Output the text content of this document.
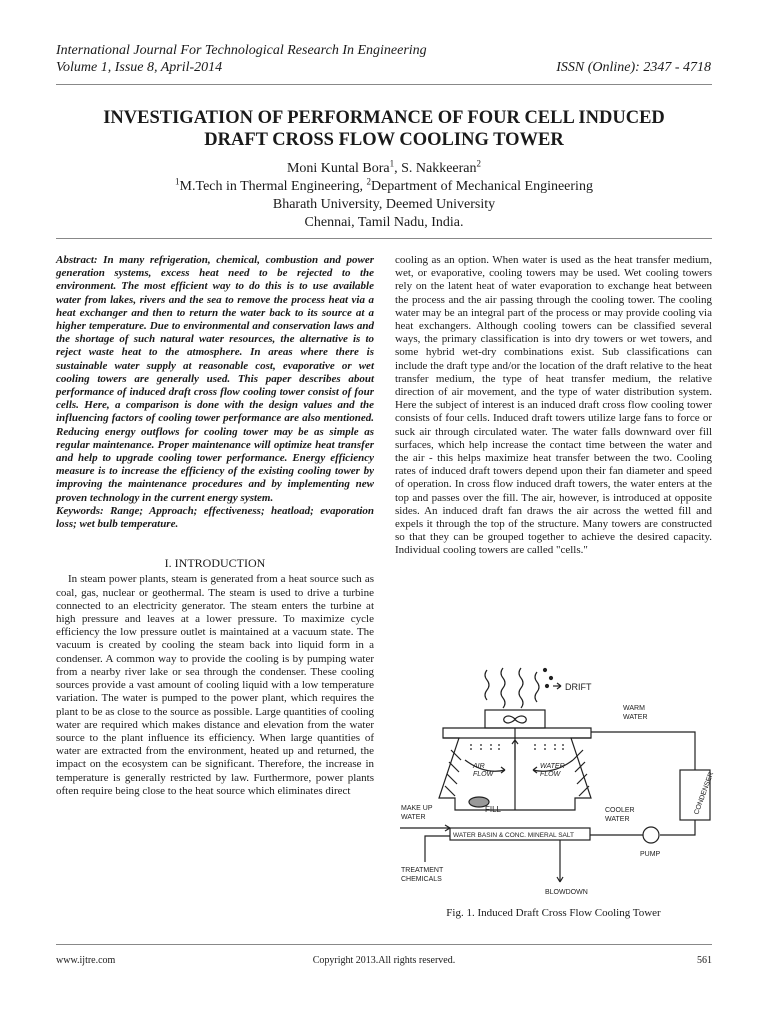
International Journal For Technological Research In Engineering
Volume 1, Issue 8, April-2014	ISSN (Online): 2347 - 4718
INVESTIGATION OF PERFORMANCE OF FOUR CELL INDUCED
DRAFT CROSS FLOW COOLING TOWER
Moni Kuntal Bora$^1$, S. Nakkeeran$^2$
$^1$M.Tech in Thermal Engineering, $^2$Department of Mechanical Engineering
Bharath University, Deemed University
Chennai, Tamil Nadu, India.

Abstract: In many refrigeration, chemical, combustion and power generation systems, excess heat need to be rejected to the environment. The most efficient way to do this is to use available water from lakes, rivers and the sea to remove the process heat via a heat exchanger and then to return the water back to its source at a higher temperature. Due to environmental and conservation laws and the shortage of such natural water resources, the alternative is to reject waste heat to the atmosphere. In areas where there is sustainable water supply at reasonable cost, evaporative or wet cooling towers are generally used. This paper describes about performance of induced draft cross flow cooling tower consist of four cells. Here, a comparison is done with the design values and the influencing factors of cooling tower performance are also mentioned. Reducing energy outflows for cooling tower may be as simple as regular maintenance. Proper maintenance will optimize heat transfer and help to upgrade cooling tower performance. Energy efficiency measure is to increase the efficiency of the existing cooling tower by improving the maintenance procedures and by implementing new proven technology in the current energy system.

Keywords: Range; Approach; effectiveness; heatload; evaporation loss; wet bulb temperature.

I. INTRODUCTION

In steam power plants, steam is generated from a heat source such as coal, gas, nuclear or geothermal. The steam is used to drive a turbine connected to an electricity generator. The steam enters the turbine at high pressure and leaves at a lower pressure. To maximize cycle efficiency the low pressure outlet is maintained at a vacuum state. The vacuum is created by cooling the steam back into liquid form in a condenser. A common way to provide the cooling is by pumping water from a nearby river lake or sea through the condenser. These cooling sources provide a vast amount of cooling liquid with a low temperature variation. The water is pumped to the power plant, which requires the plant to be as close to the source as possible. Large quantities of cooling water are required which makes distance and elevation from the water source to the plant influence its efficiency. When large quantities of water are extracted from the environment, heated up and returned, the impact on the ecosystem can be significant. Therefore, the increase in temperature is generally restricted by law. Furthermore, power plants often require being close to the heat source which eliminates direct

cooling as an option. When water is used as the heat transfer medium, wet, or evaporative, cooling towers may be used. Wet cooling towers rely on the latent heat of water evaporation to exchange heat between the process and the air passing through the cooling tower. The cooling water may be an integral part of the process or may provide cooling via heat exchangers. Although cooling towers can be classified several ways, the primary classification is into dry towers or wet towers, and some hybrid wet-dry combinations exist. Sub classifications can include the draft type and/or the location of the draft relative to the heat transfer medium, the type of heat transfer medium, the relative direction of air movement, and the type of water distribution system. Here the subject of interest is an induced draft cross flow cooling tower consists of four cells. Induced draft towers utilize large fans to force or suck air through circulated water. The water falls downward over fill surfaces, which help increase the contact time between the water and the air - this helps maximize heat transfer between the two. Cooling rates of induced draft towers depend upon their fan diameter and speed of operation. In cross flow induced draft towers, the water enters at the top and passes over the fill. The air, however, is introduced at opposite sides. An induced draft fan draws the air across the wetted fill and expels it through the top of the structure. Many towers are constructed so that they can be grouped together to achieve the desired capacity. Individual cooling towers are called "cells."

DRIFT
AIR FLOW
WATER FLOW
FILL
WATER BASIN & CONC. MINERAL SALT
WARM WATER
CONDENSER
COOLER WATER
PUMP
MAKE UP WATER
TREATMENT CHEMICALS
BLOWDOWN
Fig. 1. Induced Draft Cross Flow Cooling Tower
www.ijtre.com	Copyright 2013.All rights reserved.	561
